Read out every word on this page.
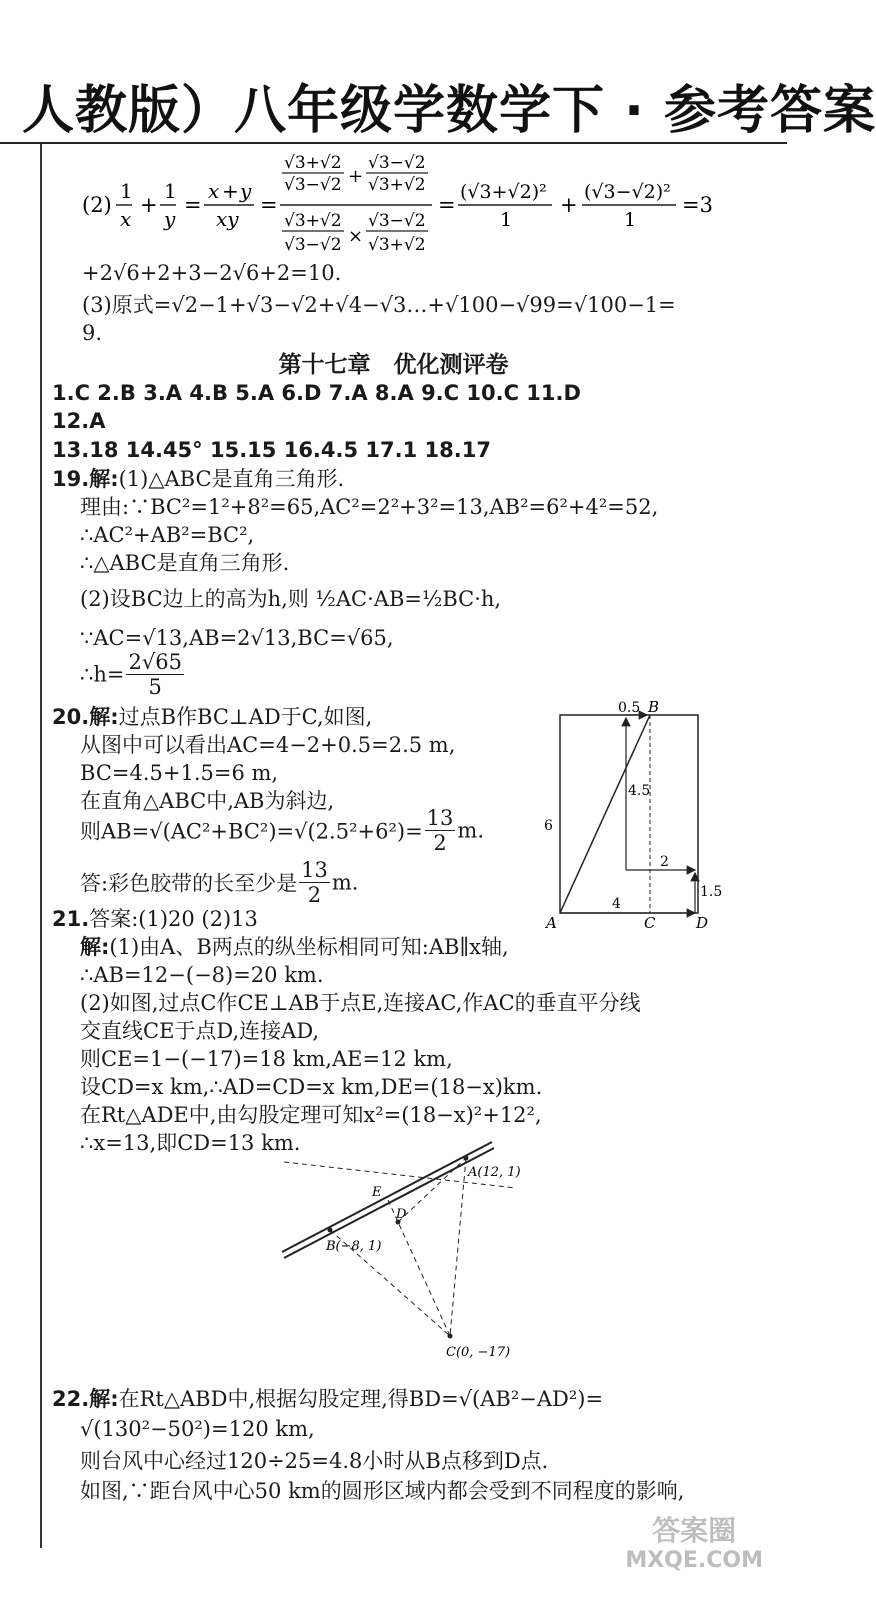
人教版）八年级学数学下 · 参考答案
(2)
1
x
+
1
y
=
x + y
xy
=
√3+√2
√3−√2 +
√3−√2
√3+√2
√3+√2
√3−√2 ×
√3−√2
√3+√2
=
(√3+√2)²
1
+
(√3−√2)²
1
=3
+2√6+2+3−2√6+2=10.
(3)原式=√2−1+√3−√2+√4−√3…+√100−√99=√100−1=
9.
第十七章　优化测评卷
1.C 2.B 3.A 4.B 5.A 6.D 7.A 8.A 9.C 10.C 11.D
12.A
13.18 14.45° 15.15 16.4.5 17.1 18.17
19.解:(1)△ABC是直角三角形.
理由:∵BC²=1²+8²=65,AC²=2²+3²=13,AB²=6²+4²=52,
∴AC²+AB²=BC²,
∴△ABC是直角三角形.
(2)设BC边上的高为h,则 ½AC·AB=½BC·h,
∵AC=√13,AB=2√13,BC=√65,
∴h= $\frac{2√65}{5}$
20.解:过点B作BC⊥AD于C,如图,
从图中可以看出AC=4−2+0.5=2.5 m,
BC=4.5+1.5=6 m,
在直角△ABC中,AB为斜边,
则$AB=√(AC^2+BC^2)=√(2.5^2+6^2)= \frac{13}{2} m$.
答:彩色胶带的长至少是 $\frac{13}{2} m$.
B
0.5
4.5
6
2
1.5
4
A	C	D
21.答案:(1)20 (2)13
解:(1)由A、B两点的纵坐标相同可知:AB∥x轴,
∴AB=12−(−8)=20 km.
(2)如图,过点C作CE⊥AB于点E,连接AC,作AC的垂直平分线
交直线CE于点D,连接AD,
则CE=1−(−17)=18 km,AE=12 km,
设CD=x km,∴AD=CD=x km,DE=(18−x)km.
在Rt△ADE中,由勾股定理可知x²=(18−x)²+12²,
∴x=13,即CD=13 km.
A(12, 1)
B(−8, 1)
C(0, −17)
D
E
22.解:在Rt△ABD中,根据勾股定理,得BD=√(AB²−AD²)=
√(130²−50²)=120 km,
则台风中心经过120÷25=4.8小时从B点移到D点.
如图,∵距台风中心50 km的圆形区域内都会受到不同程度的影响,
答案圈
MXQE.COM
